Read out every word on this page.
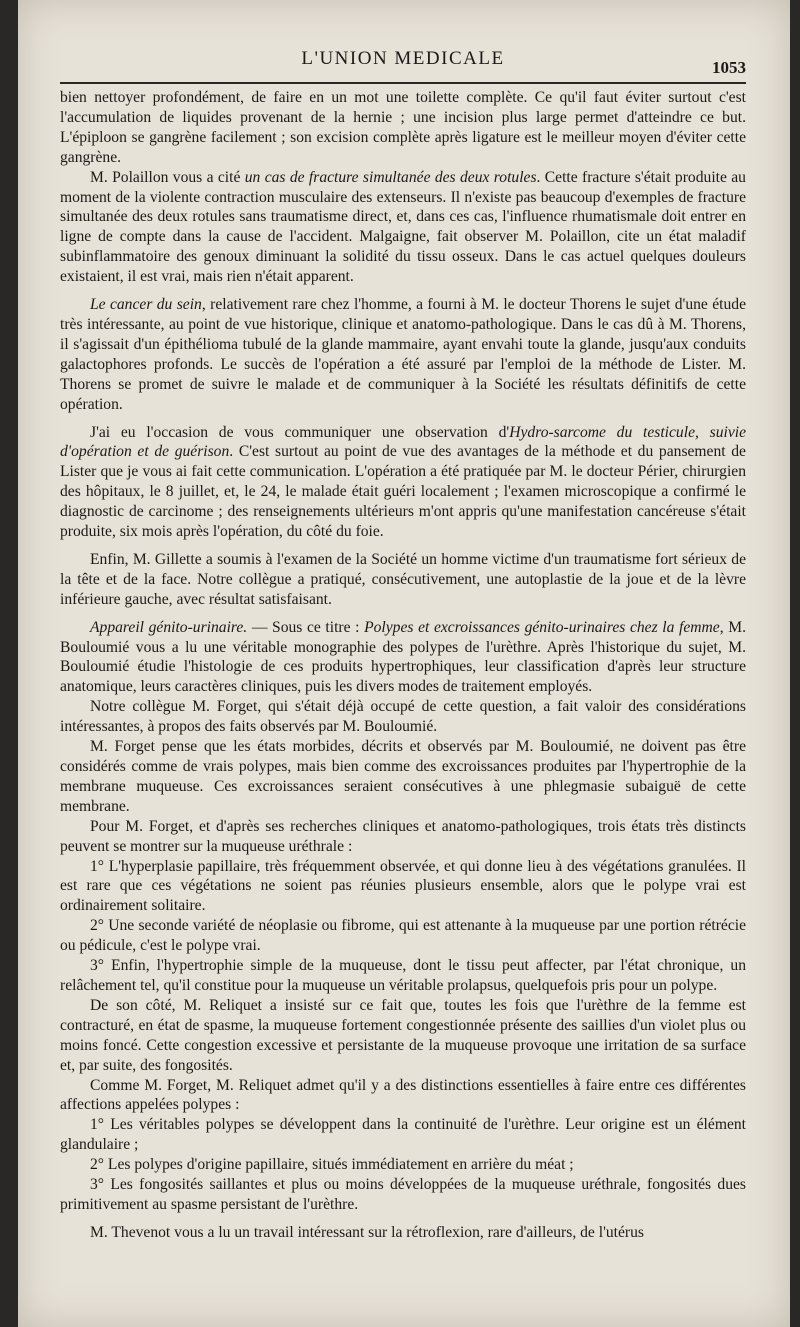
L'UNION MEDICALE	1053

bien nettoyer profondément, de faire en un mot une toilette complète. Ce qu'il faut éviter surtout c'est l'accumulation de liquides provenant de la hernie ; une incision plus large permet d'atteindre ce but. L'épiploon se gangrène facilement ; son excision complète après ligature est le meilleur moyen d'éviter cette gangrène.

M. Polaillon vous a cité un cas de fracture simultanée des deux rotules. Cette fracture s'était produite au moment de la violente contraction musculaire des extenseurs. Il n'existe pas beaucoup d'exemples de fracture simultanée des deux rotules sans traumatisme direct, et, dans ces cas, l'influence rhumatismale doit entrer en ligne de compte dans la cause de l'accident. Malgaigne, fait observer M. Polaillon, cite un état maladif subinflammatoire des genoux diminuant la solidité du tissu osseux. Dans le cas actuel quelques douleurs existaient, il est vrai, mais rien n'était apparent.

Le cancer du sein, relativement rare chez l'homme, a fourni à M. le docteur Thorens le sujet d'une étude très intéressante, au point de vue historique, clinique et anatomo-pathologique. Dans le cas dû à M. Thorens, il s'agissait d'un épithélioma tubulé de la glande mammaire, ayant envahi toute la glande, jusqu'aux conduits galactophores profonds. Le succès de l'opération a été assuré par l'emploi de la méthode de Lister. M. Thorens se promet de suivre le malade et de communiquer à la Société les résultats définitifs de cette opération.

J'ai eu l'occasion de vous communiquer une observation d'Hydro-sarcome du testicule, suivie d'opération et de guérison. C'est surtout au point de vue des avantages de la méthode et du pansement de Lister que je vous ai fait cette communication. L'opération a été pratiquée par M. le docteur Périer, chirurgien des hôpitaux, le 8 juillet, et, le 24, le malade était guéri localement ; l'examen microscopique a confirmé le diagnostic de carcinome ; des renseignements ultérieurs m'ont appris qu'une manifestation cancéreuse s'était produite, six mois après l'opération, du côté du foie.

Enfin, M. Gillette a soumis à l'examen de la Société un homme victime d'un traumatisme fort sérieux de la tête et de la face. Notre collègue a pratiqué, consécutivement, une autoplastie de la joue et de la lèvre inférieure gauche, avec résultat satisfaisant.

Appareil génito-urinaire. — Sous ce titre : Polypes et excroissances génito-urinaires chez la femme, M. Bouloumié vous a lu une véritable monographie des polypes de l'urèthre. Après l'historique du sujet, M. Bouloumié étudie l'histologie de ces produits hypertrophiques, leur classification d'après leur structure anatomique, leurs caractères cliniques, puis les divers modes de traitement employés.

Notre collègue M. Forget, qui s'était déjà occupé de cette question, a fait valoir des considérations intéressantes, à propos des faits observés par M. Bouloumié.

M. Forget pense que les états morbides, décrits et observés par M. Bouloumié, ne doivent pas être considérés comme de vrais polypes, mais bien comme des excroissances produites par l'hypertrophie de la membrane muqueuse. Ces excroissances seraient consécutives à une phlegmasie subaiguë de cette membrane.

Pour M. Forget, et d'après ses recherches cliniques et anatomo-pathologiques, trois états très distincts peuvent se montrer sur la muqueuse uréthrale :

1° L'hyperplasie papillaire, très fréquemment observée, et qui donne lieu à des végétations granulées. Il est rare que ces végétations ne soient pas réunies plusieurs ensemble, alors que le polype vrai est ordinairement solitaire.

2° Une seconde variété de néoplasie ou fibrome, qui est attenante à la muqueuse par une portion rétrécie ou pédicule, c'est le polype vrai.

3° Enfin, l'hypertrophie simple de la muqueuse, dont le tissu peut affecter, par l'état chronique, un relâchement tel, qu'il constitue pour la muqueuse un véritable prolapsus, quelquefois pris pour un polype.

De son côté, M. Reliquet a insisté sur ce fait que, toutes les fois que l'urèthre de la femme est contracturé, en état de spasme, la muqueuse fortement congestionnée présente des saillies d'un violet plus ou moins foncé. Cette congestion excessive et persistante de la muqueuse provoque une irritation de sa surface et, par suite, des fongosités.

Comme M. Forget, M. Reliquet admet qu'il y a des distinctions essentielles à faire entre ces différentes affections appelées polypes :

1° Les véritables polypes se développent dans la continuité de l'urèthre. Leur origine est un élément glandulaire ;

2° Les polypes d'origine papillaire, situés immédiatement en arrière du méat ;

3° Les fongosités saillantes et plus ou moins développées de la muqueuse uréthrale, fongosités dues primitivement au spasme persistant de l'urèthre.

M. Thevenot vous a lu un travail intéressant sur la rétroflexion, rare d'ailleurs, de l'utérus
